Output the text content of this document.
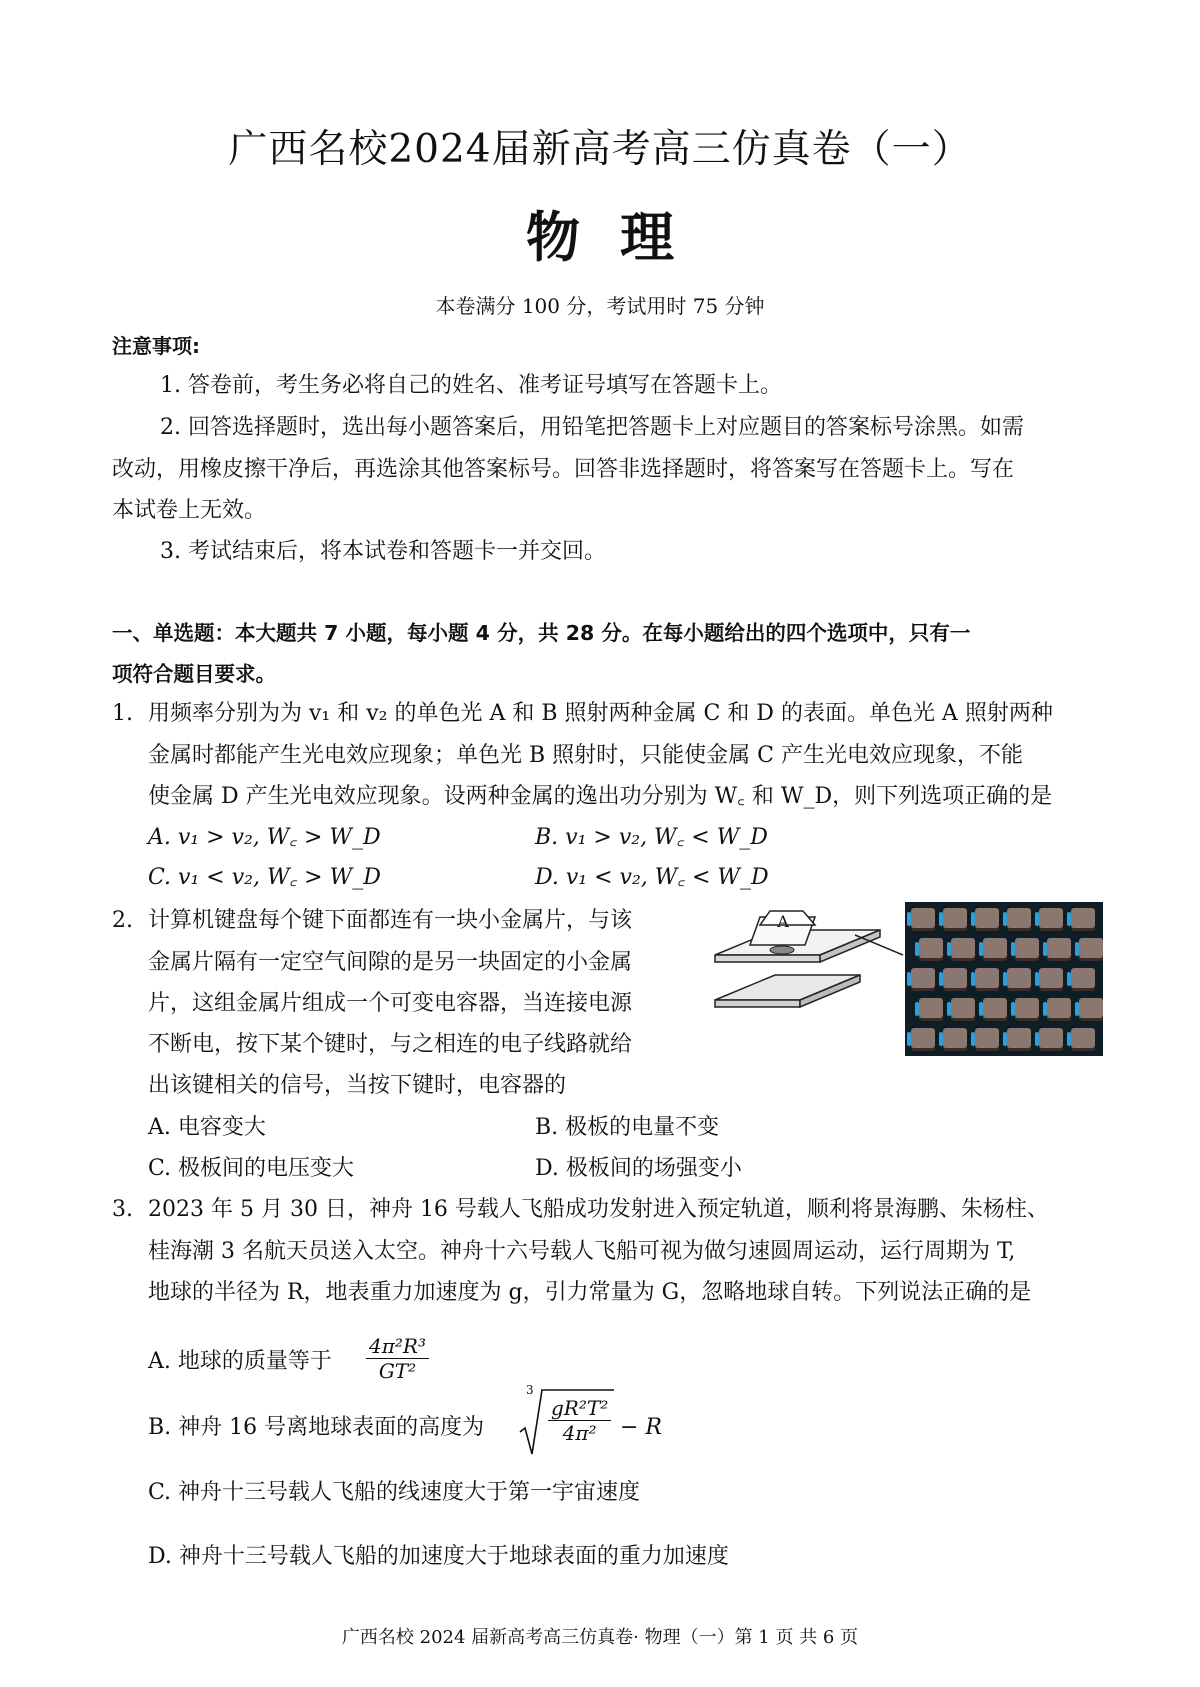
广西名校2024届新高考高三仿真卷（一）
物理
本卷满分 100 分，考试用时 75 分钟
注意事项:
1. 答卷前，考生务必将自己的姓名、准考证号填写在答题卡上。
2. 回答选择题时，选出每小题答案后，用铅笔把答题卡上对应题目的答案标号涂黑。如需
改动，用橡皮擦干净后，再选涂其他答案标号。回答非选择题时，将答案写在答题卡上。写在
本试卷上无效。
3. 考试结束后，将本试卷和答题卡一并交回。
一、单选题：本大题共 7 小题，每小题 4 分，共 28 分。在每小题给出的四个选项中，只有一
项符合题目要求。
1. 用频率分别为为 v₁ 和 v₂ 的单色光 A 和 B 照射两种金属 C 和 D 的表面。单色光 A 照射两种
金属时都能产生光电效应现象；单色光 B 照射时，只能使金属 C 产生光电效应现象，不能
使金属 D 产生光电效应现象。设两种金属的逸出功分别为 W꜀ 和 W_D，则下列选项正确的是
A. v₁ > v₂, W꜀ > W_D	B. v₁ > v₂, W꜀ < W_D
C. v₁ < v₂, W꜀ > W_D	D. v₁ < v₂, W꜀ < W_D
2. 计算机键盘每个键下面都连有一块小金属片，与该
金属片隔有一定空气间隙的是另一块固定的小金属
片，这组金属片组成一个可变电容器，当连接电源
不断电，按下某个键时，与之相连的电子线路就给
出该键相关的信号，当按下键时，电容器的
A
A. 电容变大	B. 极板的电量不变
C. 极板间的电压变大	D. 极板间的场强变小
3. 2023 年 5 月 30 日，神舟 16 号载人飞船成功发射进入预定轨道，顺利将景海鹏、朱杨柱、
桂海潮 3 名航天员送入太空。神舟十六号载人飞船可视为做匀速圆周运动，运行周期为 T,
地球的半径为 R，地表重力加速度为 g，引力常量为 G，忽略地球自转。下列说法正确的是
A. 地球的质量等于 $\frac{\text{4π²R³}}{\text{GT²}}$
B. 神舟 16 号离地球表面的高度为
3
$\frac{\text{gR²T²}}{\text{4π²}} - R$
C. 神舟十三号载人飞船的线速度大于第一宇宙速度
D. 神舟十三号载人飞船的加速度大于地球表面的重力加速度
广西名校 2024 届新高考高三仿真卷· 物理（一）第 1 页 共 6 页
